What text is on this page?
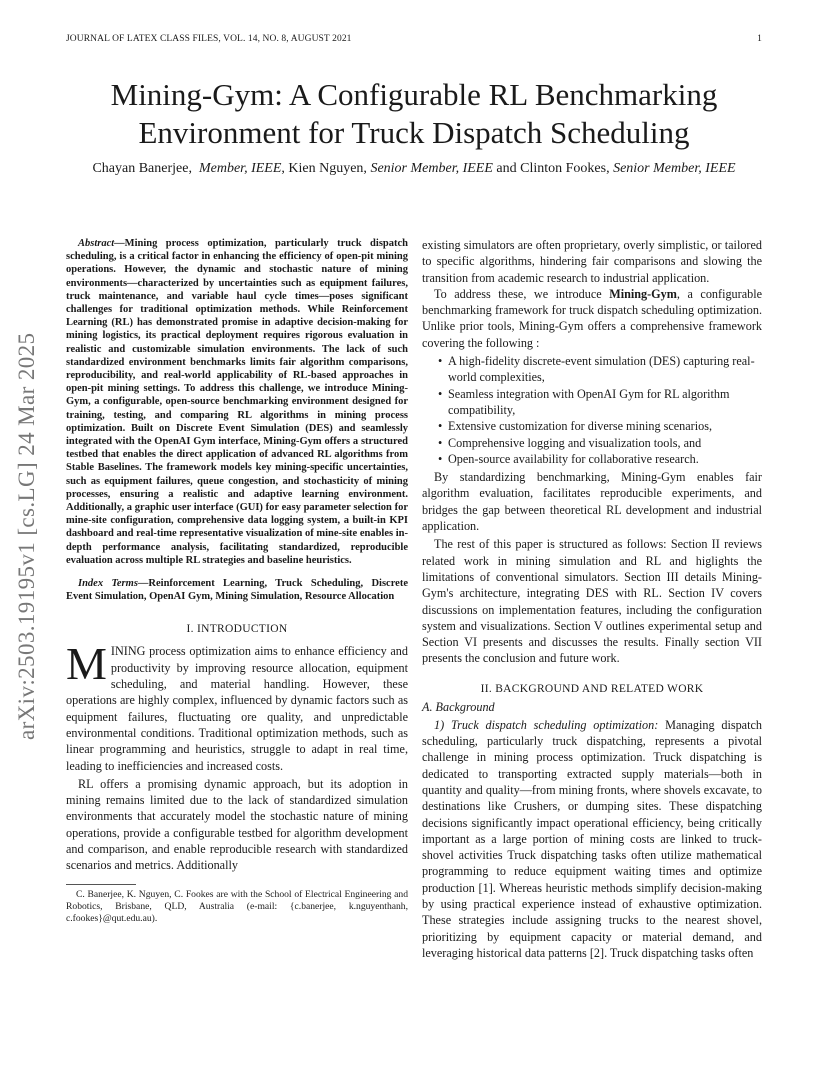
JOURNAL OF LATEX CLASS FILES, VOL. 14, NO. 8, AUGUST 2021	1
arXiv:2503.19195v1 [cs.LG] 24 Mar 2025
Mining-Gym: A Configurable RL Benchmarking Environment for Truck Dispatch Scheduling
Chayan Banerjee, Member, IEEE, Kien Nguyen, Senior Member, IEEE and Clinton Fookes, Senior Member, IEEE

Abstract—Mining process optimization, particularly truck dispatch scheduling, is a critical factor in enhancing the efficiency of open-pit mining operations. However, the dynamic and stochastic nature of mining environments—characterized by uncertainties such as equipment failures, truck maintenance, and variable haul cycle times—poses significant challenges for traditional optimization methods. While Reinforcement Learning (RL) has demonstrated promise in adaptive decision-making for mining logistics, its practical deployment requires rigorous evaluation in realistic and customizable simulation environments. The lack of such standardized environment benchmarks limits fair algorithm comparisons, reproducibility, and real-world applicability of RL-based approaches in open-pit mining settings. To address this challenge, we introduce Mining-Gym, a configurable, open-source benchmarking environment designed for training, testing, and comparing RL algorithms in mining process optimization. Built on Discrete Event Simulation (DES) and seamlessly integrated with the OpenAI Gym interface, Mining-Gym offers a structured testbed that enables the direct application of advanced RL algorithms from Stable Baselines. The framework models key mining-specific uncertainties, such as equipment failures, queue congestion, and stochasticity of mining processes, ensuring a realistic and adaptive learning environment. Additionally, a graphic user interface (GUI) for easy parameter selection for mine-site configuration, comprehensive data logging system, a built-in KPI dashboard and real-time representative visualization of mine-site enables in-depth performance analysis, facilitating standardized, reproducible evaluation across multiple RL strategies and baseline heuristics.

Index Terms—Reinforcement Learning, Truck Scheduling, Discrete Event Simulation, OpenAI Gym, Mining Simulation, Resource Allocation

I. INTRODUCTION

MINING process optimization aims to enhance efficiency and productivity by improving resource allocation, equipment scheduling, and material handling. However, these operations are highly complex, influenced by dynamic factors such as equipment failures, fluctuating ore quality, and unpredictable environmental conditions. Traditional optimization methods, such as linear programming and heuristics, struggle to adapt in real time, leading to inefficiencies and increased costs.

RL offers a promising dynamic approach, but its adoption in mining remains limited due to the lack of standardized simulation environments that accurately model the stochastic nature of mining operations, provide a configurable testbed for algorithm development and comparison, and enable reproducible research with standardized scenarios and metrics. Additionally

C. Banerjee, K. Nguyen, C. Fookes are with the School of Electrical Engineering and Robotics, Brisbane, QLD, Australia (e-mail: {c.banerjee, k.nguyenthanh, c.fookes}@qut.edu.au).

existing simulators are often proprietary, overly simplistic, or tailored to specific algorithms, hindering fair comparisons and slowing the transition from academic research to industrial application.

To address these, we introduce Mining-Gym, a configurable benchmarking framework for truck dispatch scheduling optimization. Unlike prior tools, Mining-Gym offers a comprehensive framework covering the following :

• A high-fidelity discrete-event simulation (DES) capturing real-world complexities,
• Seamless integration with OpenAI Gym for RL algorithm compatibility,
• Extensive customization for diverse mining scenarios,
• Comprehensive logging and visualization tools, and
• Open-source availability for collaborative research.

By standardizing benchmarking, Mining-Gym enables fair algorithm evaluation, facilitates reproducible experiments, and bridges the gap between theoretical RL development and industrial application.

The rest of this paper is structured as follows: Section II reviews related work in mining simulation and RL and higlights the limitations of conventional simulators. Section III details Mining-Gym's architecture, integrating DES with RL. Section IV covers discussions on implementation features, including the configuration system and visualizations. Section V outlines experimental setup and Section VI presents and discusses the results. Finally section VII presents the conclusion and future work.

II. BACKGROUND AND RELATED WORK

A. Background

1) Truck dispatch scheduling optimization: Managing dispatch scheduling, particularly truck dispatching, represents a pivotal challenge in mining process optimization. Truck dispatching is dedicated to transporting extracted supply materials—both in quantity and quality—from mining fronts, where shovels excavate, to destinations like Crushers, or dumping sites. These dispatching decisions significantly impact operational efficiency, being critically important as a large portion of mining costs are linked to truck-shovel activities Truck dispatching tasks often utilize mathematical programming to reduce equipment waiting times and optimize production [1]. Whereas heuristic methods simplify decision-making by using practical experience instead of exhaustive optimization. These strategies include assigning trucks to the nearest shovel, prioritizing by equipment capacity or material demand, and leveraging historical data patterns [2]. Truck dispatching tasks often
